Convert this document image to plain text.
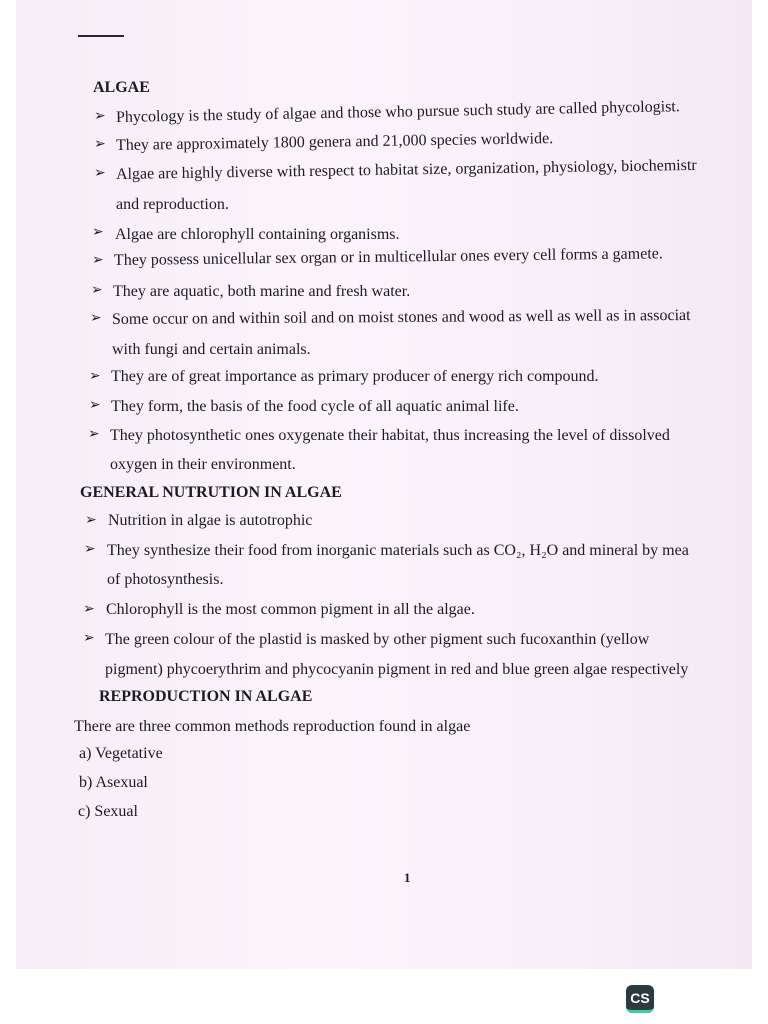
ALGAE
➢ Phycology is the study of algae and those who pursue such study are called phycologist.
➢ They are approximately 1800 genera and 21,000 species worldwide.
➢ Algae are highly diverse with respect to habitat size, organization, physiology, biochemistr
and reproduction.
➢ Algae are chlorophyll containing organisms.
➢ They possess unicellular sex organ or in multicellular ones every cell forms a gamete.
➢ They are aquatic, both marine and fresh water.
➢ Some occur on and within soil and on moist stones and wood as well as well as in associat
with fungi and certain animals.
➢ They are of great importance as primary producer of energy rich compound.
➢ They form, the basis of the food cycle of all aquatic animal life.
➢ They photosynthetic ones oxygenate their habitat, thus increasing the level of dissolved
oxygen in their environment.
GENERAL NUTRUTION IN ALGAE
➢ Nutrition in algae is autotrophic
➢ They synthesize their food from inorganic materials such as CO₂, H₂O and mineral by mea
of photosynthesis.
➢ Chlorophyll is the most common pigment in all the algae.
➢ The green colour of the plastid is masked by other pigment such fucoxanthin (yellow
pigment) phycoerythrim and phycocyanin pigment in red and blue green algae respectively
REPRODUCTION IN ALGAE
There are three common methods reproduction found in algae
a) Vegetative
b) Asexual
c) Sexual
1
CS
